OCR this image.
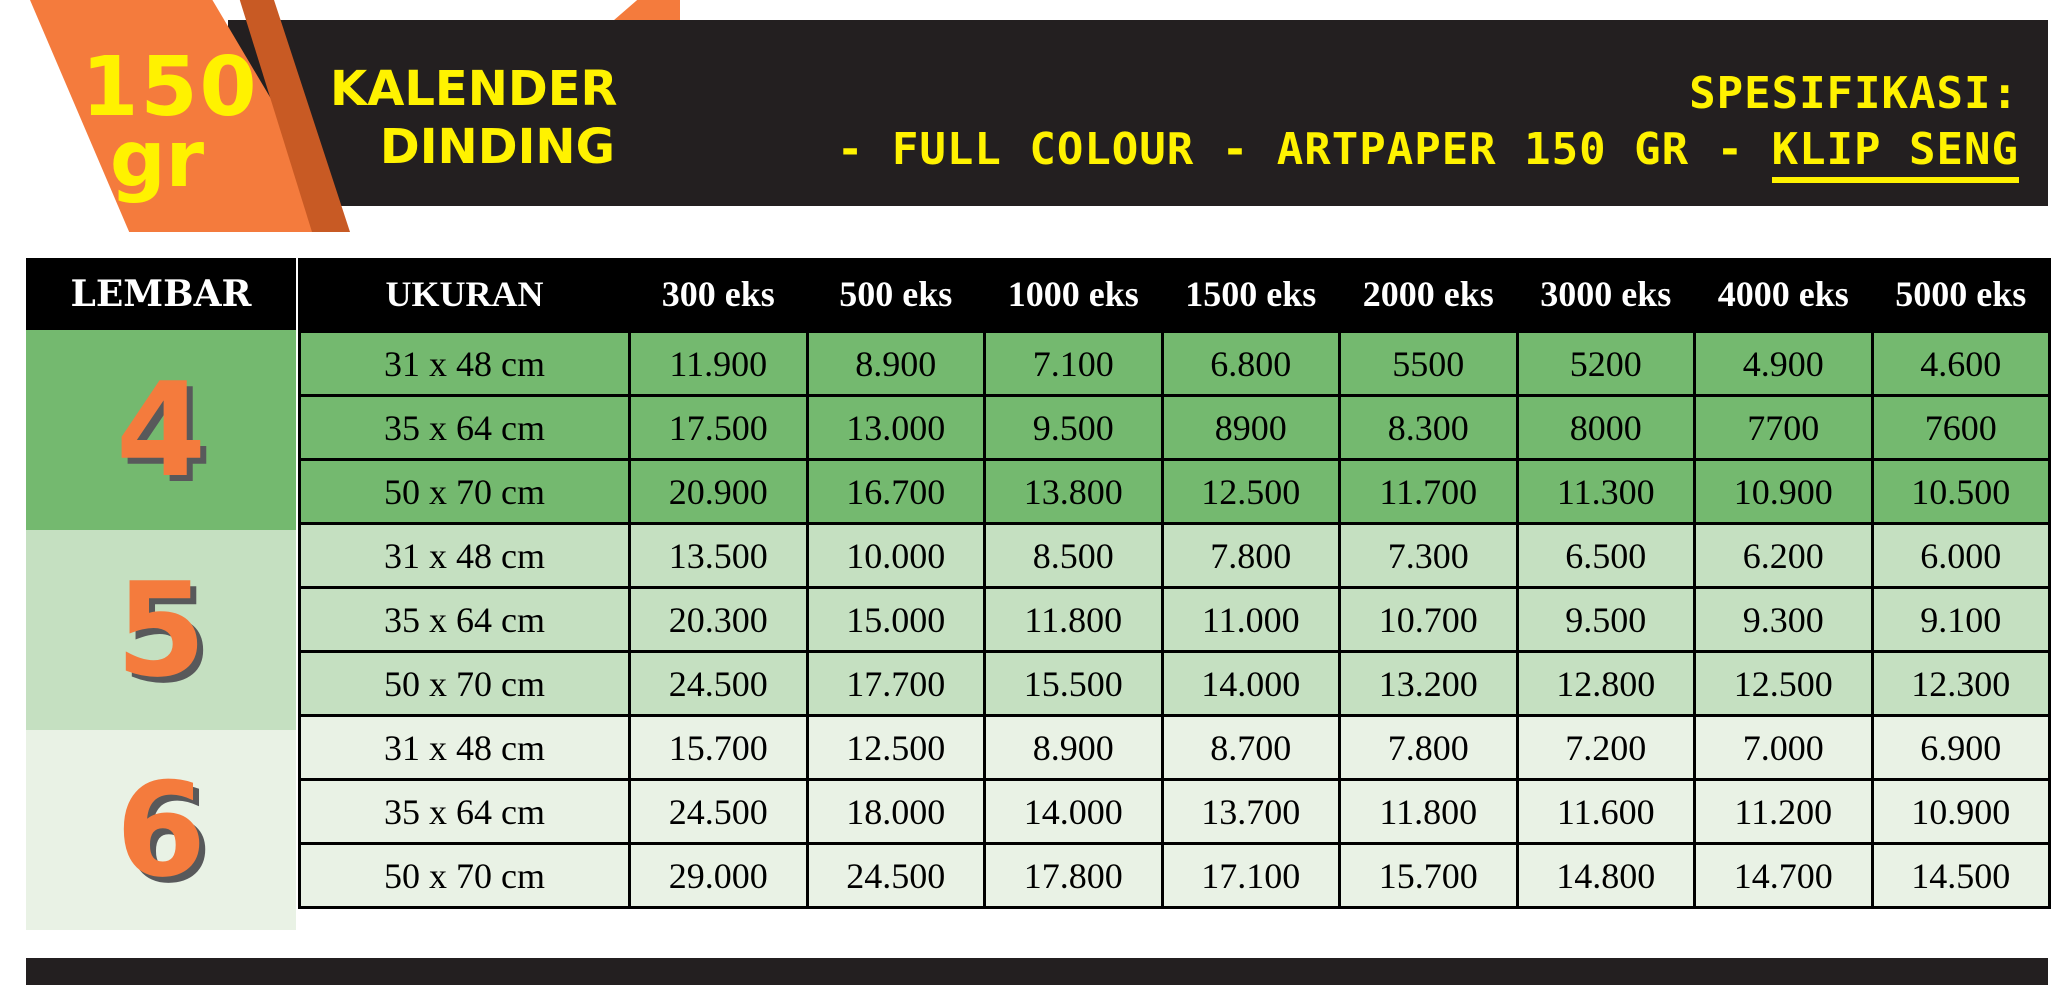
150
gr
KALENDER
DINDING
SPESIFIKASI:
- FULL COLOUR - ARTPAPER 150 GR - KLIP SENG
LEMBAR
4
5
6
UKURAN	300 eks	500 eks	1000 eks	1500 eks	2000 eks	3000 eks	4000 eks	5000 eks
31 x 48 cm	11.900	8.900	7.100	6.800	5500	5200	4.900	4.600
35 x 64 cm	17.500	13.000	9.500	8900	8.300	8000	7700	7600
50 x 70 cm	20.900	16.700	13.800	12.500	11.700	11.300	10.900	10.500
31 x 48 cm	13.500	10.000	8.500	7.800	7.300	6.500	6.200	6.000
35 x 64 cm	20.300	15.000	11.800	11.000	10.700	9.500	9.300	9.100
50 x 70 cm	24.500	17.700	15.500	14.000	13.200	12.800	12.500	12.300
31 x 48 cm	15.700	12.500	8.900	8.700	7.800	7.200	7.000	6.900
35 x 64 cm	24.500	18.000	14.000	13.700	11.800	11.600	11.200	10.900
50 x 70 cm	29.000	24.500	17.800	17.100	15.700	14.800	14.700	14.500
